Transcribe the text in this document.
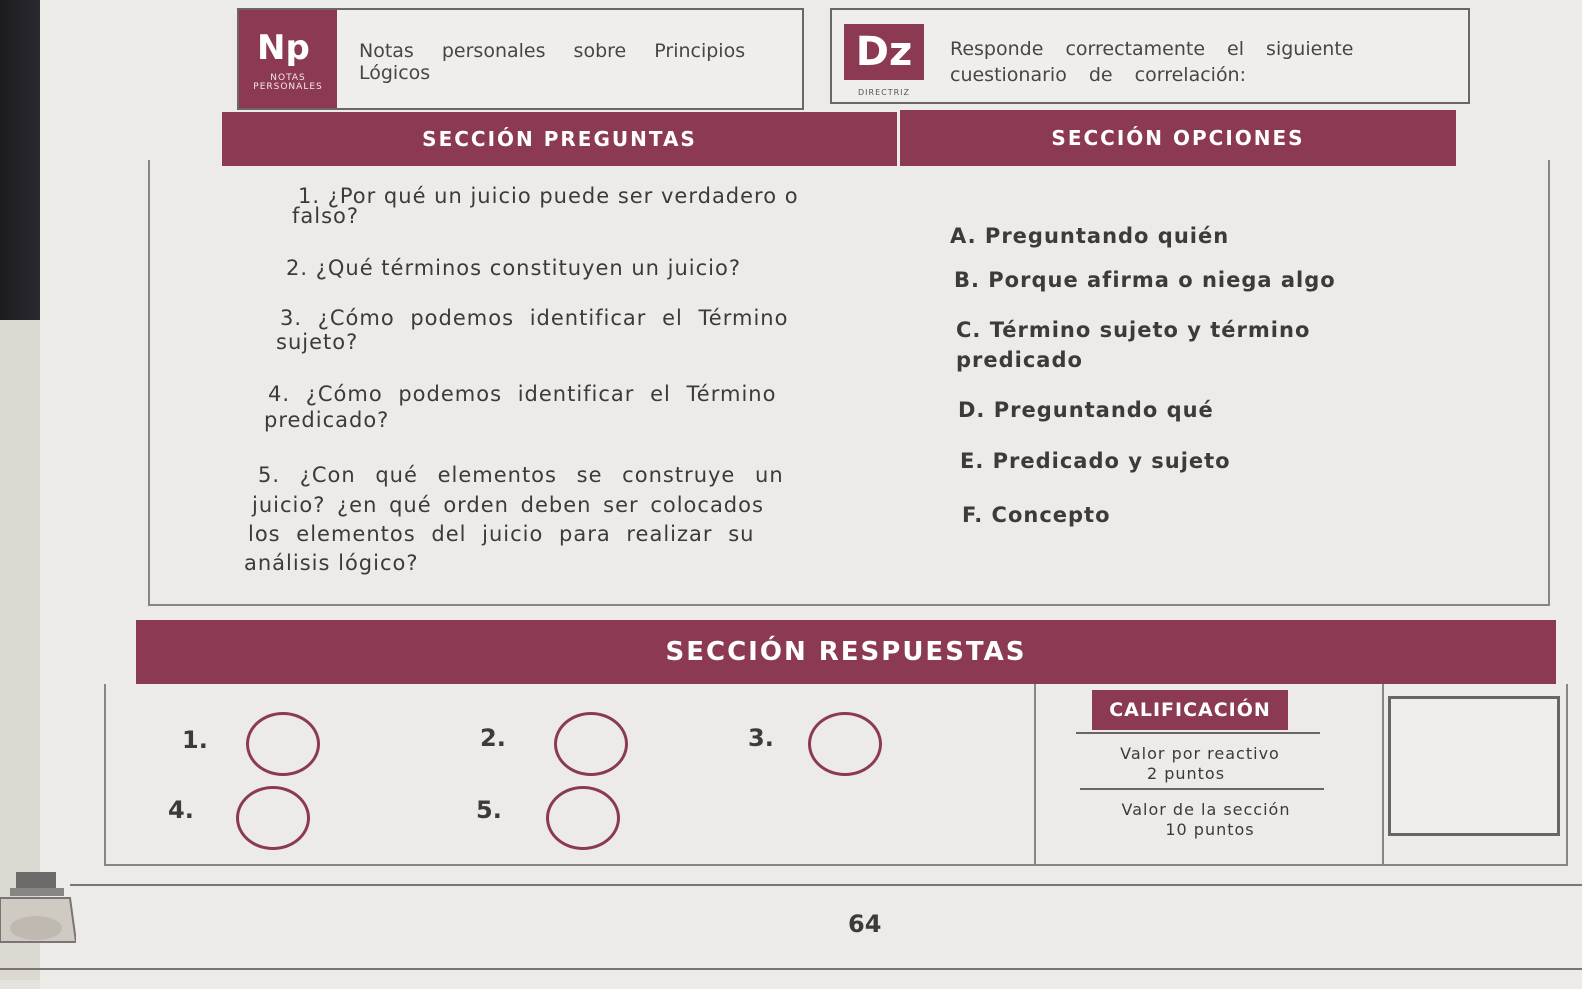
Np
NOTAS PERSONALES
Notas personales sobre Principios
Lógicos	Dz
DIRECTRIZ
Responde correctamente el siguiente cuestionario de correlación:
SECCIÓN PREGUNTAS	SECCIÓN OPCIONES
1. ¿Por qué un juicio puede ser verdadero o
falso?
2. ¿Qué términos constituyen un juicio?
3. ¿Cómo podemos identificar el Término
sujeto?
4. ¿Cómo podemos identificar el Término
predicado?
5. ¿Con qué elementos se construye un
juicio? ¿en qué orden deben ser colocados
los elementos del juicio para realizar su
análisis lógico?
A. Preguntando quién
B. Porque afirma o niega algo
C. Término sujeto y término
predicado
D. Preguntando qué
E. Predicado y sujeto
F. Concepto
SECCIÓN RESPUESTAS
1.	2.	3.
4.	5.
CALIFICACIÓN
Valor por reactivo
2 puntos
Valor de la sección
10 puntos
64
